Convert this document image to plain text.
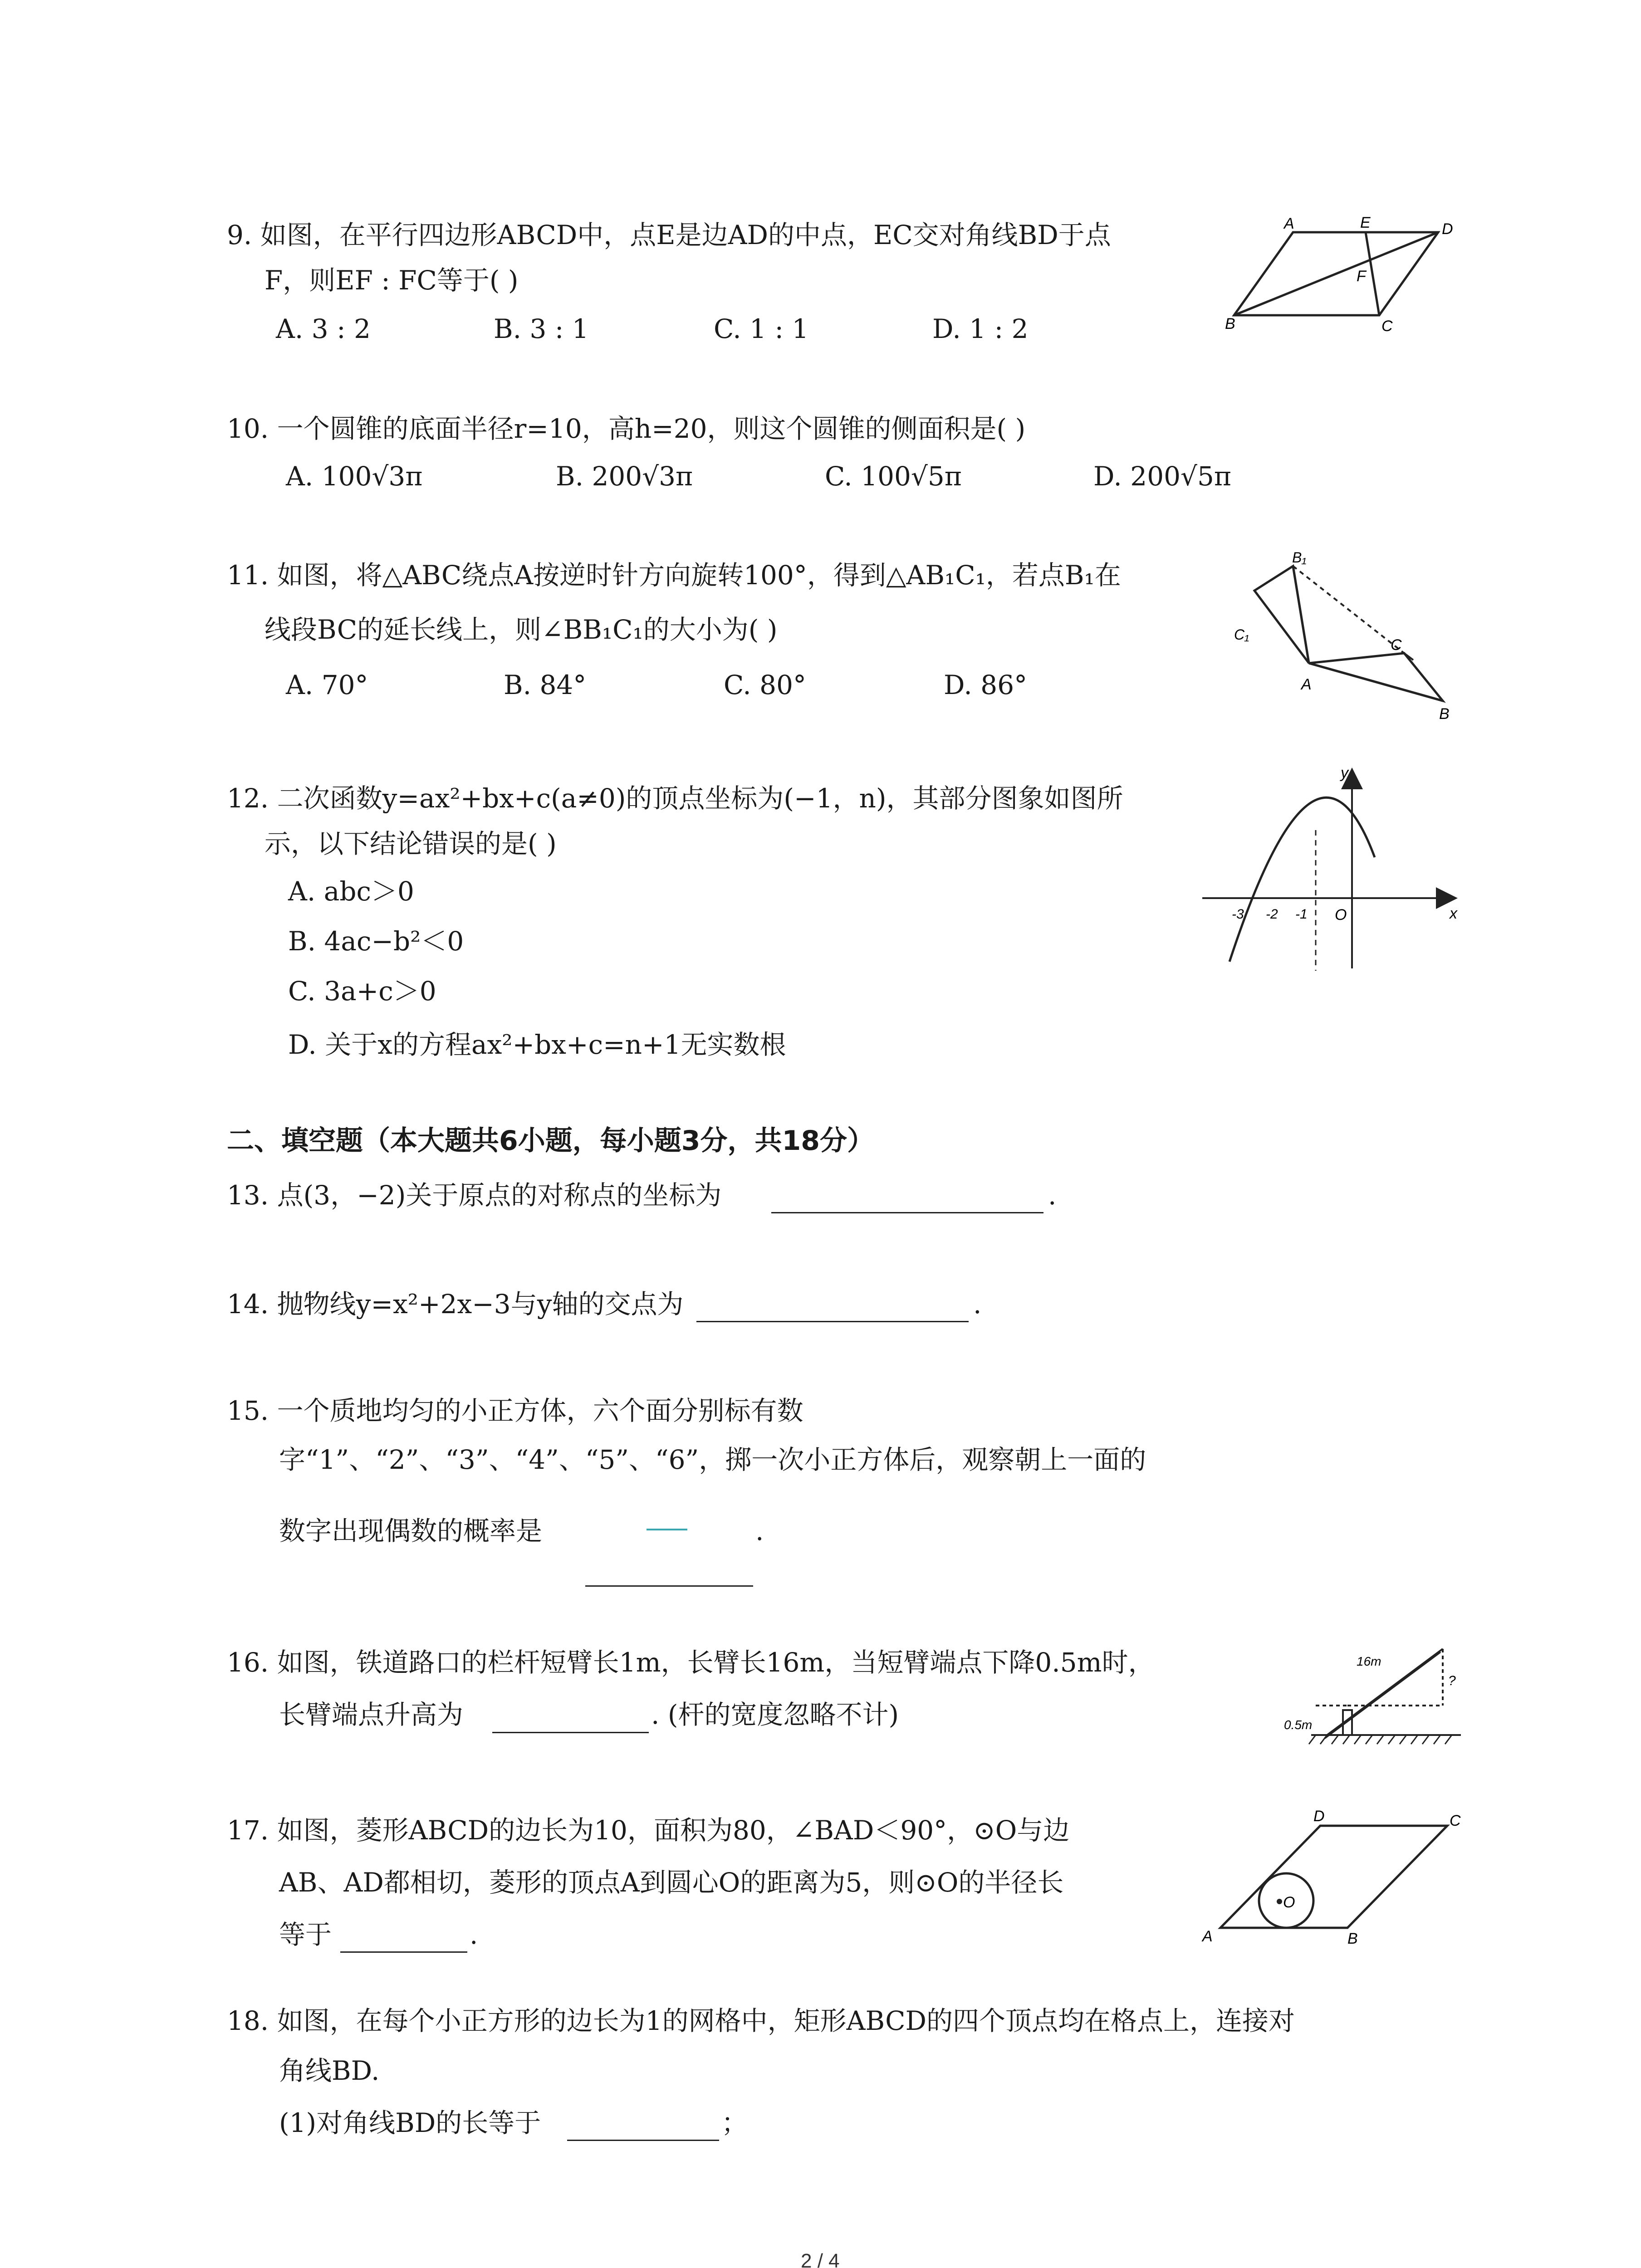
9. 如图，在平行四边形ABCD中，点E是边AD的中点，EC交对角线BD于点
F，则EF : FC等于( )
A. 3 : 2	B. 3 : 1	C. 1 : 1	D. 1 : 2
A	E	D
F
B	C
10. 一个圆锥的底面半径r=10，高h=20，则这个圆锥的侧面积是( )
A. 100√3π	B. 200√3π	C. 100√5π	D. 200√5π
11. 如图，将△ABC绕点A按逆时针方向旋转100°，得到△AB₁C₁，若点B₁在
线段BC的延长线上，则∠BB₁C₁的大小为( )
A. 70°	B. 84°	C. 80°	D. 86°
B₁
C₁
C
A
B
12. 二次函数y=ax²+bx+c(a≠0)的顶点坐标为(−1，n)，其部分图象如图所
示，以下结论错误的是( )
A. abc＞0
B. 4ac−b²＜0
C. 3a+c＞0
D. 关于x的方程ax²+bx+c=n+1无实数根
-3 -2 -1 O
y
x
二、填空题（本大题共6小题，每小题3分，共18分）
13. 点(3，−2)关于原点的对称点的坐标为	.
14. 抛物线y=x²+2x−3与y轴的交点为	.
15. 一个质地均匀的小正方体，六个面分别标有数
字“1”、“2”、“3”、“4”、“5”、“6”，掷一次小正方体后，观察朝上一面的
数字出现偶数的概率是	.
16. 如图，铁道路口的栏杆短臂长1m，长臂长16m，当短臂端点下降0.5m时，
长臂端点升高为	. (杆的宽度忽略不计)
16m
0.5m
?
17. 如图，菱形ABCD的边长为10，面积为80，∠BAD＜90°，⊙O与边
AB、AD都相切，菱形的顶点A到圆心O的距离为5，则⊙O的半径长
等于	.
O
D	C
A	B
18. 如图，在每个小正方形的边长为1的网格中，矩形ABCD的四个顶点均在格点上，连接对
角线BD.
(1)对角线BD的长等于	；
2 / 4
